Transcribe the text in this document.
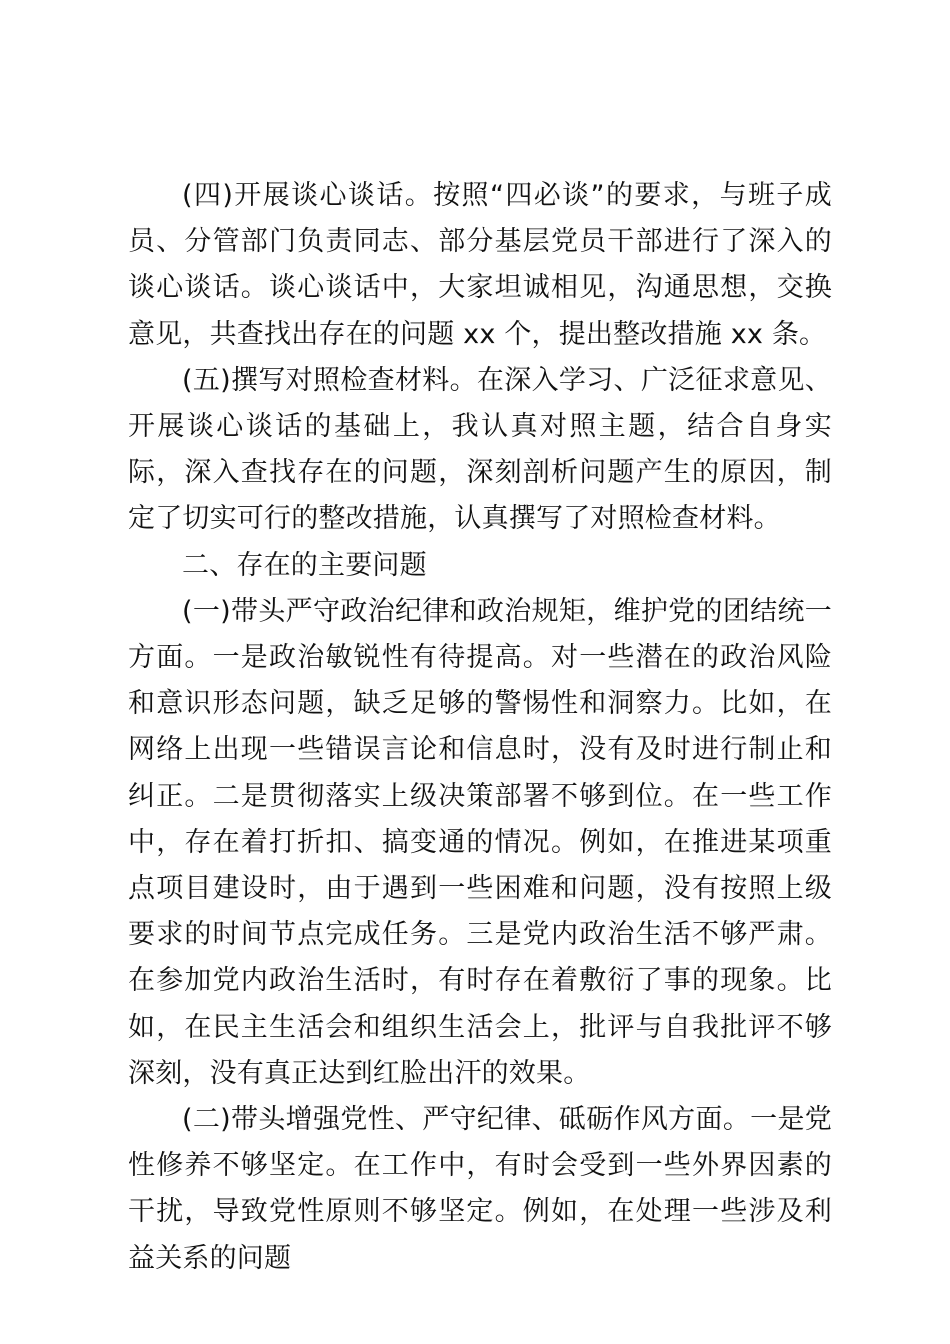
(四)开展谈心谈话。按照“四必谈”的要求，与班子成员、分管部门负责同志、部分基层党员干部进行了深入的谈心谈话。谈心谈话中，大家坦诚相见，沟通思想，交换意见，共查找出存在的问题 xx 个，提出整改措施 xx 条。

(五)撰写对照检查材料。在深入学习、广泛征求意见、开展谈心谈话的基础上，我认真对照主题，结合自身实际，深入查找存在的问题，深刻剖析问题产生的原因，制定了切实可行的整改措施，认真撰写了对照检查材料。

二、存在的主要问题

(一)带头严守政治纪律和政治规矩，维护党的团结统一方面。一是政治敏锐性有待提高。对一些潜在的政治风险和意识形态问题，缺乏足够的警惕性和洞察力。比如，在网络上出现一些错误言论和信息时，没有及时进行制止和纠正。二是贯彻落实上级决策部署不够到位。在一些工作中，存在着打折扣、搞变通的情况。例如，在推进某项重点项目建设时，由于遇到一些困难和问题，没有按照上级要求的时间节点完成任务。三是党内政治生活不够严肃。在参加党内政治生活时，有时存在着敷衍了事的现象。比如，在民主生活会和组织生活会上，批评与自我批评不够深刻，没有真正达到红脸出汗的效果。

(二)带头增强党性、严守纪律、砥砺作风方面。一是党性修养不够坚定。在工作中，有时会受到一些外界因素的干扰，导致党性原则不够坚定。例如，在处理一些涉及利益关系的问题
